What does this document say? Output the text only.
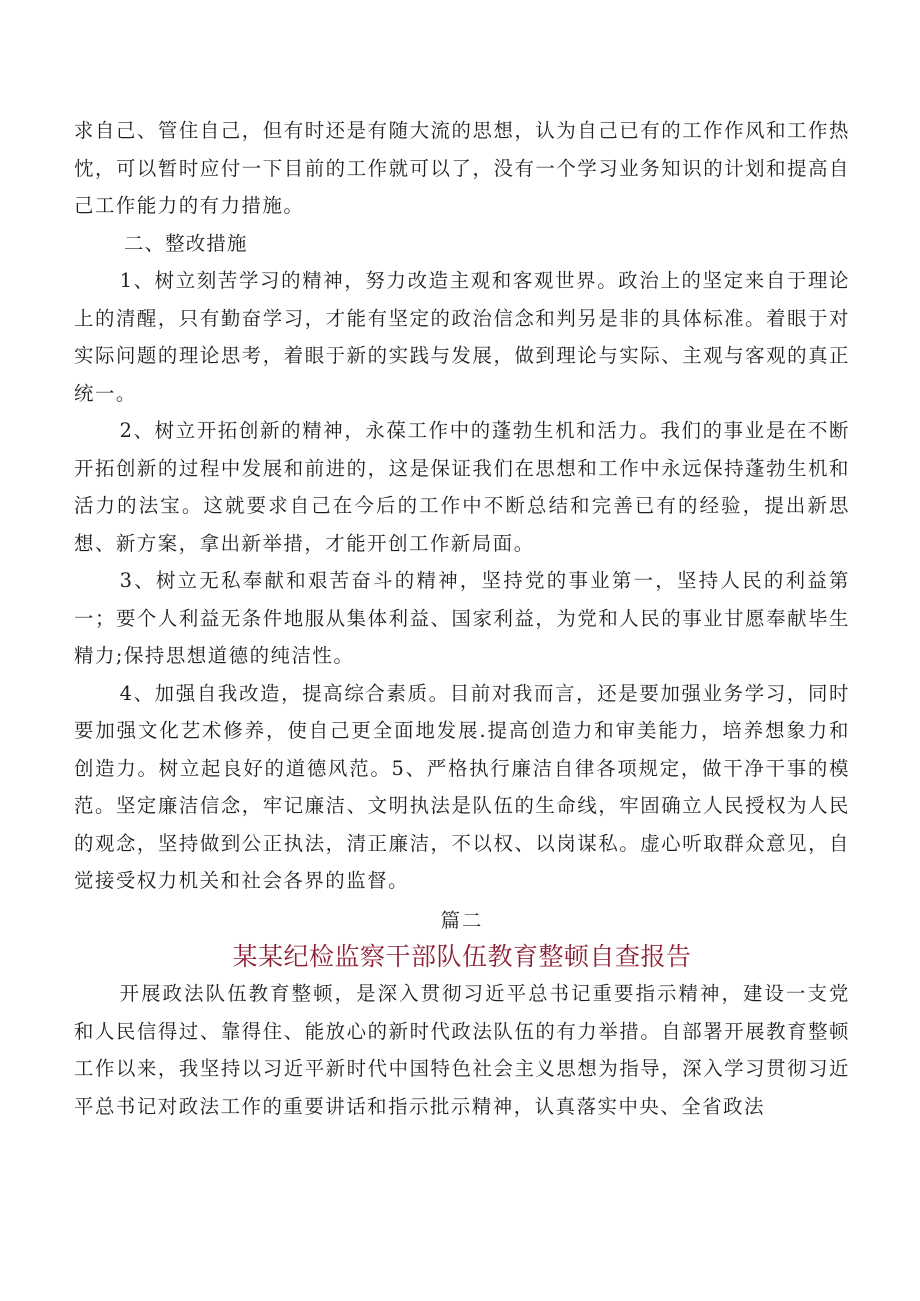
求自己、管住自己，但有时还是有随大流的思想，认为自己已有的工作作风和工作热忱，可以暂时应付一下目前的工作就可以了，没有一个学习业务知识的计划和提高自己工作能力的有力措施。

二、整改措施

1、树立刻苦学习的精神，努力改造主观和客观世界。政治上的坚定来自于理论上的清醒，只有勤奋学习，才能有坚定的政治信念和判另是非的具体标准。着眼于对实际问题的理论思考，着眼于新的实践与发展，做到理论与实际、主观与客观的真正统一。

2、树立开拓创新的精神，永葆工作中的蓬勃生机和活力。我们的事业是在不断开拓创新的过程中发展和前进的，这是保证我们在思想和工作中永远保持蓬勃生机和活力的法宝。这就要求自己在今后的工作中不断总结和完善已有的经验，提出新思想、新方案，拿出新举措，才能开创工作新局面。

3、树立无私奉献和艰苦奋斗的精神，坚持党的事业第一，坚持人民的利益第一；要个人利益无条件地服从集体利益、国家利益，为党和人民的事业甘愿奉献毕生精力;保持思想道德的纯洁性。

4、加强自我改造，提高综合素质。目前对我而言，还是要加强业务学习，同时要加强文化艺术修养，使自己更全面地发展.提高创造力和审美能力，培养想象力和创造力。树立起良好的道德风范。5、严格执行廉洁自律各项规定，做干净干事的模范。坚定廉洁信念，牢记廉洁、文明执法是队伍的生命线，牢固确立人民授权为人民的观念，坚持做到公正执法，清正廉洁，不以权、以岗谋私。虚心听取群众意见，自觉接受权力机关和社会各界的监督。

篇二

某某纪检监察干部队伍教育整顿自查报告

开展政法队伍教育整顿，是深入贯彻习近平总书记重要指示精神，建设一支党和人民信得过、靠得住、能放心的新时代政法队伍的有力举措。自部署开展教育整顿工作以来，我坚持以习近平新时代中国特色社会主义思想为指导，深入学习贯彻习近平总书记对政法工作的重要讲话和指示批示精神，认真落实中央、全省政法
